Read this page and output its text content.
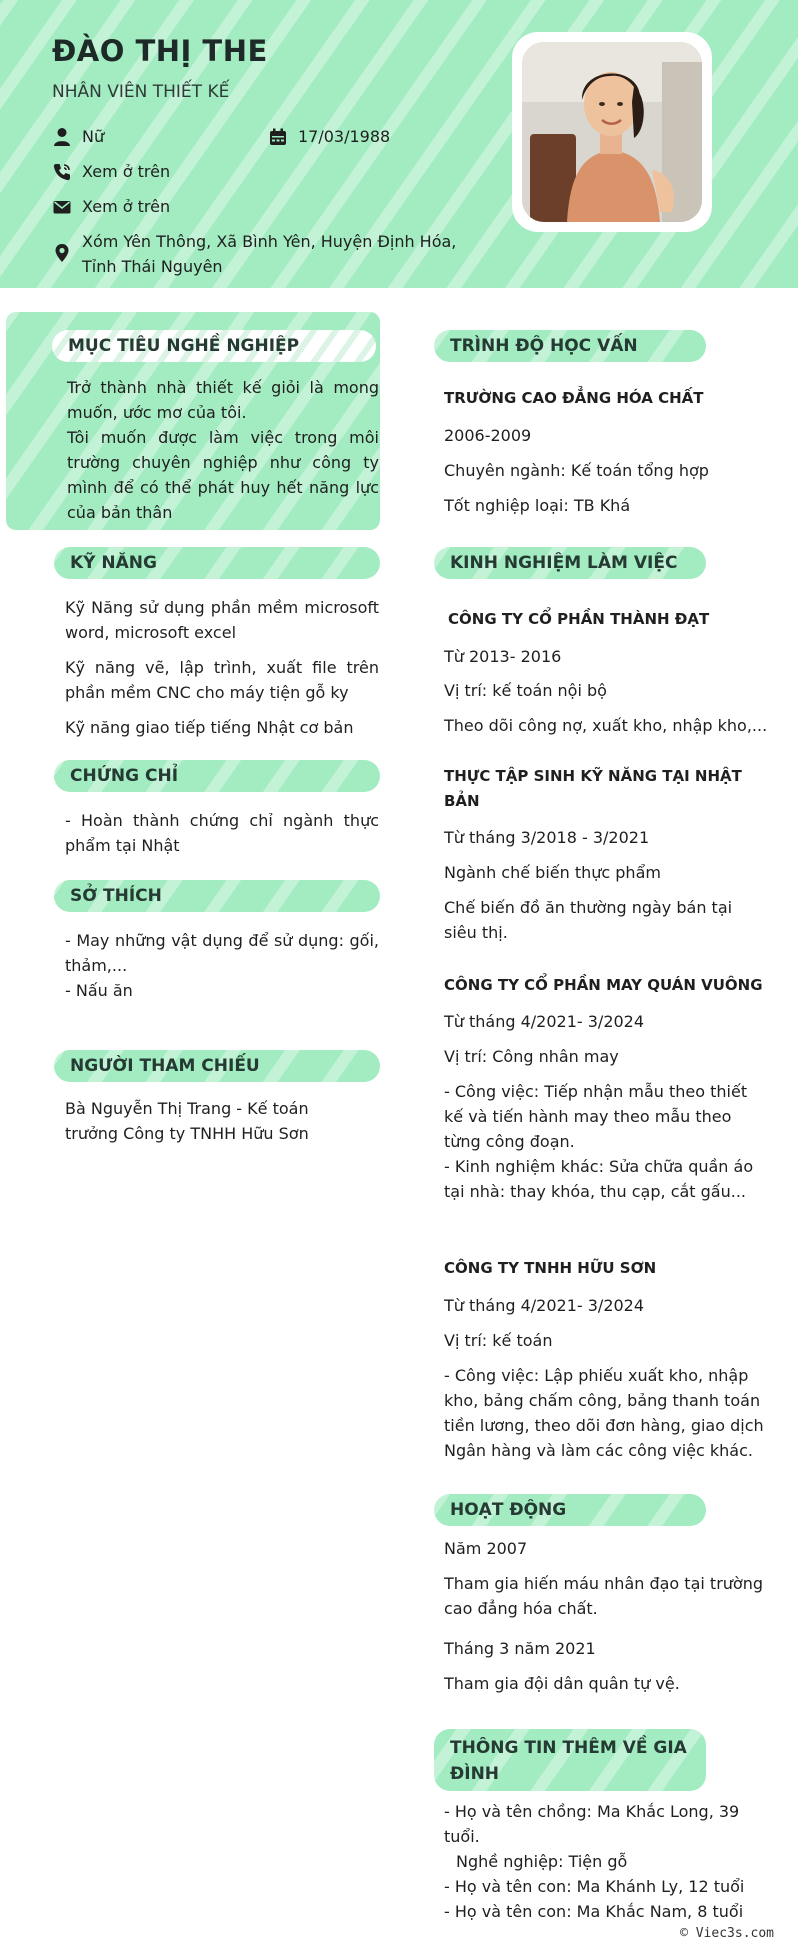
ĐÀO THỊ THE
NHÂN VIÊN THIẾT KẾ
Nữ	17/03/1988
Xem ở trên
Xem ở trên
Xóm Yên Thông, Xã Bình Yên, Huyện Định Hóa, Tỉnh Thái Nguyên
MỤC TIÊU NGHỀ NGHIỆP
Trở thành nhà thiết kế giỏi là mong muốn, ước mơ của tôi.
Tôi muốn được làm việc trong môi trường chuyên nghiệp như công ty mình để có thể phát huy hết năng lực của bản thân
KỸ NĂNG
Kỹ Năng sử dụng phần mềm microsoft word, microsoft excel
Kỹ năng vẽ, lập trình, xuất file trên phần mềm CNC cho máy tiện gỗ ky
Kỹ năng giao tiếp tiếng Nhật cơ bản
CHỨNG CHỈ
- Hoàn thành chứng chỉ ngành thực phẩm tại Nhật
SỞ THÍCH
- May những vật dụng để sử dụng: gối, thảm,...
- Nấu ăn
NGƯỜI THAM CHIẾU
Bà Nguyễn Thị Trang - Kế toán trưởng Công ty TNHH Hữu Sơn
TRÌNH ĐỘ HỌC VẤN
TRƯỜNG CAO ĐẲNG HÓA CHẤT
2006-2009
Chuyên ngành: Kế toán tổng hợp
Tốt nghiệp loại: TB Khá
KINH NGHIỆM LÀM VIỆC
CÔNG TY CỔ PHẦN THÀNH ĐẠT
Từ 2013- 2016
Vị trí: kế toán nội bộ
Theo dõi công nợ, xuất kho, nhập kho,...
THỰC TẬP SINH KỸ NĂNG TẠI NHẬT BẢN
Từ tháng 3/2018 - 3/2021
Ngành chế biến thực phẩm
Chế biến đồ ăn thường ngày bán tại siêu thị.
CÔNG TY CỔ PHẦN MAY QUÁN VUÔNG
Từ tháng 4/2021- 3/2024
Vị trí: Công nhân may
- Công việc: Tiếp nhận mẫu theo thiết kế và tiến hành may theo mẫu theo từng công đoạn.
- Kinh nghiệm khác: Sửa chữa quần áo tại nhà: thay khóa, thu cạp, cắt gấu...
CÔNG TY TNHH HỮU SƠN
Từ tháng 4/2021- 3/2024
Vị trí: kế toán
- Công việc: Lập phiếu xuất kho, nhập kho, bảng chấm công, bảng thanh toán tiền lương, theo dõi đơn hàng, giao dịch Ngân hàng và làm các công việc khác.
HOẠT ĐỘNG
Năm 2007
Tham gia hiến máu nhân đạo tại trường cao đẳng hóa chất.
Tháng 3 năm 2021
Tham gia đội dân quân tự vệ.
THÔNG TIN THÊM VỀ GIA ĐÌNH
- Họ và tên chồng: Ma Khắc Long, 39 tuổi.
Nghề nghiệp: Tiện gỗ
- Họ và tên con: Ma Khánh Ly, 12 tuổi
- Họ và tên con: Ma Khắc Nam, 8 tuổi
© Viec3s.com
